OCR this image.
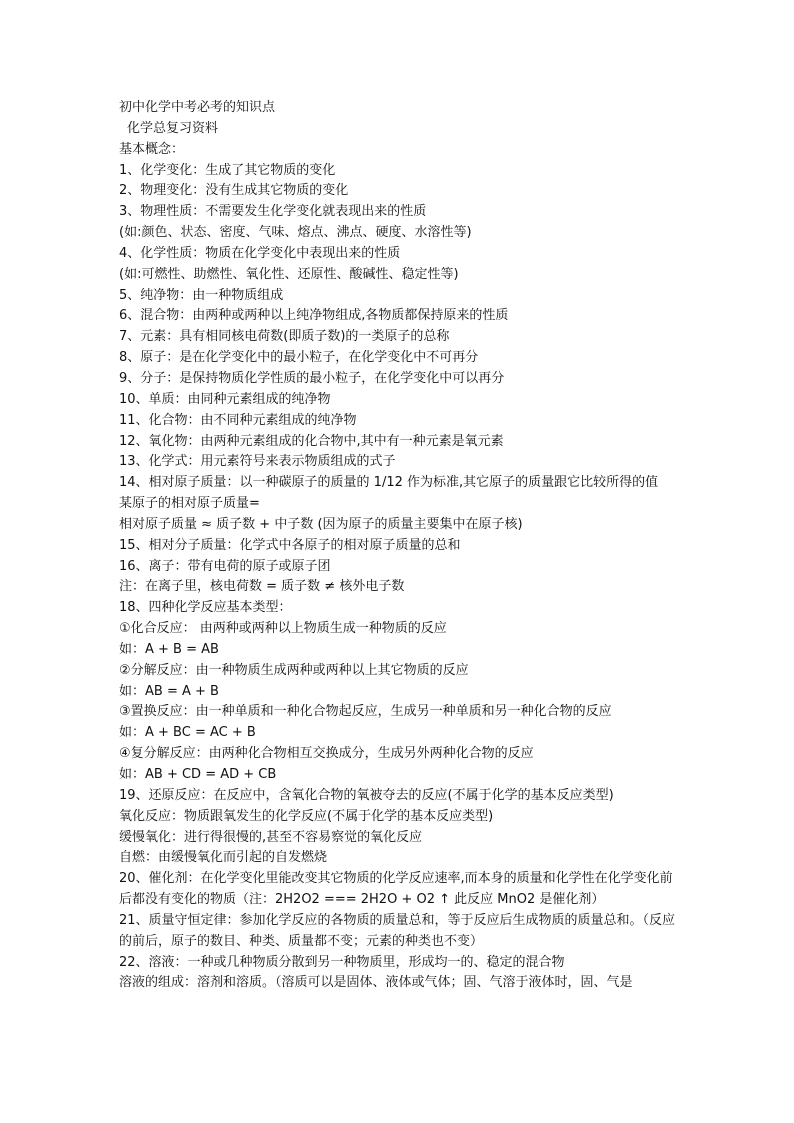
初中化学中考必考的知识点
化学总复习资料
基本概念：
1、化学变化：生成了其它物质的变化
2、物理变化：没有生成其它物质的变化
3、物理性质：不需要发生化学变化就表现出来的性质
(如:颜色、状态、密度、气味、熔点、沸点、硬度、水溶性等)
4、化学性质：物质在化学变化中表现出来的性质
(如:可燃性、助燃性、氧化性、还原性、酸碱性、稳定性等)
5、纯净物：由一种物质组成
6、混合物：由两种或两种以上纯净物组成,各物质都保持原来的性质
7、元素：具有相同核电荷数(即质子数)的一类原子的总称
8、原子：是在化学变化中的最小粒子，在化学变化中不可再分
9、分子：是保持物质化学性质的最小粒子，在化学变化中可以再分
10、单质：由同种元素组成的纯净物
11、化合物：由不同种元素组成的纯净物
12、氧化物：由两种元素组成的化合物中,其中有一种元素是氧元素
13、化学式：用元素符号来表示物质组成的式子
14、相对原子质量：以一种碳原子的质量的 1/12 作为标准,其它原子的质量跟它比较所得的值
某原子的相对原子质量=
相对原子质量 ≈ 质子数 + 中子数 (因为原子的质量主要集中在原子核)
15、相对分子质量：化学式中各原子的相对原子质量的总和
16、离子：带有电荷的原子或原子团
注：在离子里，核电荷数 = 质子数 ≠ 核外电子数
18、四种化学反应基本类型：
①化合反应： 由两种或两种以上物质生成一种物质的反应
如：A + B = AB
②分解反应：由一种物质生成两种或两种以上其它物质的反应
如：AB = A + B
③置换反应：由一种单质和一种化合物起反应，生成另一种单质和另一种化合物的反应
如：A + BC = AC + B
④复分解反应：由两种化合物相互交换成分，生成另外两种化合物的反应
如：AB + CD = AD + CB
19、还原反应：在反应中，含氧化合物的氧被夺去的反应(不属于化学的基本反应类型)
氧化反应：物质跟氧发生的化学反应(不属于化学的基本反应类型)
缓慢氧化：进行得很慢的,甚至不容易察觉的氧化反应
自燃：由缓慢氧化而引起的自发燃烧
20、催化剂：在化学变化里能改变其它物质的化学反应速率,而本身的质量和化学性在化学变化前后都没有变化的物质（注：2H2O2 === 2H2O + O2 ↑ 此反应 MnO2 是催化剂）
21、质量守恒定律：参加化学反应的各物质的质量总和，等于反应后生成物质的质量总和。（反应的前后，原子的数目、种类、质量都不变；元素的种类也不变）
22、溶液：一种或几种物质分散到另一种物质里，形成均一的、稳定的混合物
溶液的组成：溶剂和溶质。（溶质可以是固体、液体或气体；固、气溶于液体时，固、气是
